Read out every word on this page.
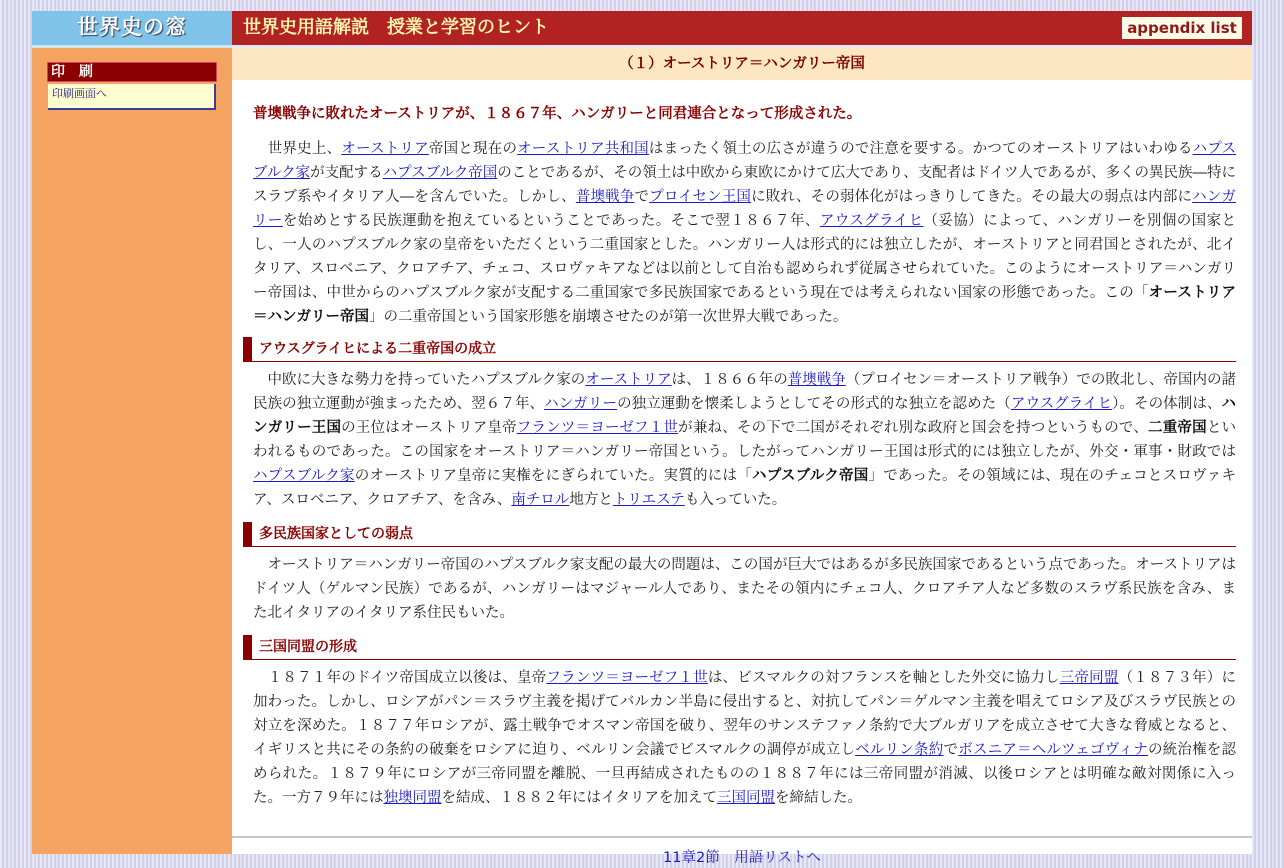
世界史の窓	世界史用語解説　授業と学習のヒント	appendix list
印　刷
印刷画面へ
（１）オーストリア＝ハンガリー帝国

普墺戦争に敗れたオーストリアが、１８６７年、ハンガリーと同君連合となって形成された。

　世界史上、オーストリア帝国と現在のオーストリア共和国はまったく領土の広さが違うので注意を要する。かつてのオーストリアはいわゆるハプスブルク家が支配するハプスブルク帝国のことであるが、その領土は中欧から東欧にかけて広大であり、支配者はドイツ人であるが、多くの異民族―特にスラブ系やイタリア人―を含んでいた。しかし、普墺戦争でプロイセン王国に敗れ、その弱体化がはっきりしてきた。その最大の弱点は内部にハンガリーを始めとする民族運動を抱えているということであった。そこで翌１８６７年、アウスグライヒ（妥協）によって、ハンガリーを別個の国家とし、一人のハプスブルク家の皇帝をいただくという二重国家とした。ハンガリー人は形式的には独立したが、オーストリアと同君国とされたが、北イタリア、スロベニア、クロアチア、チェコ、スロヴァキアなどは以前として自治も認められず従属させられていた。このようにオーストリア＝ハンガリー帝国は、中世からのハプスブルク家が支配する二重国家で多民族国家であるという現在では考えられない国家の形態であった。この「オーストリア＝ハンガリー帝国」の二重帝国という国家形態を崩壊させたのが第一次世界大戦であった。

アウスグライヒによる二重帝国の成立

　中欧に大きな勢力を持っていたハプスブルク家のオーストリアは、１８６６年の普墺戦争（プロイセン＝オーストリア戦争）での敗北し、帝国内の諸民族の独立運動が強まったため、翌６７年、ハンガリーの独立運動を懐柔しようとしてその形式的な独立を認めた（アウスグライヒ）。その体制は、ハンガリー王国の王位はオーストリア皇帝フランツ＝ヨーゼフ１世が兼ね、その下で二国がそれぞれ別な政府と国会を持つというもので、二重帝国といわれるものであった。この国家をオーストリア＝ハンガリー帝国という。したがってハンガリー王国は形式的には独立したが、外交・軍事・財政ではハプスブルク家のオーストリア皇帝に実権をにぎられていた。実質的には「ハプスブルク帝国」であった。その領域には、現在のチェコとスロヴァキア、スロベニア、クロアチア、を含み、南チロル地方とトリエステも入っていた。

多民族国家としての弱点

　オーストリア＝ハンガリー帝国のハプスブルク家支配の最大の問題は、この国が巨大ではあるが多民族国家であるという点であった。オーストリアはドイツ人（ゲルマン民族）であるが、ハンガリーはマジャール人であり、またその領内にチェコ人、クロアチア人など多数のスラヴ系民族を含み、また北イタリアのイタリア系住民もいた。

三国同盟の形成

　１８７１年のドイツ帝国成立以後は、皇帝フランツ＝ヨーゼフ１世は、ビスマルクの対フランスを軸とした外交に協力し三帝同盟（１８７３年）に加わった。しかし、ロシアがパン＝スラヴ主義を掲げてバルカン半島に侵出すると、対抗してパン＝ゲルマン主義を唱えてロシア及びスラヴ民族との対立を深めた。１８７７年ロシアが、露土戦争でオスマン帝国を破り、翌年のサンステファノ条約で大ブルガリアを成立させて大きな脅威となると、イギリスと共にその条約の破棄をロシアに迫り、ベルリン会議でビスマルクの調停が成立しベルリン条約でボスニア＝ヘルツェゴヴィナの統治権を認められた。１８７９年にロシアが三帝同盟を離脱、一旦再結成されたものの１８８７年には三帝同盟が消滅、以後ロシアとは明確な敵対関係に入った。一方７９年には独墺同盟を結成、１８８２年にはイタリアを加えて三国同盟を締結した。

11章2節　用語リストへ
